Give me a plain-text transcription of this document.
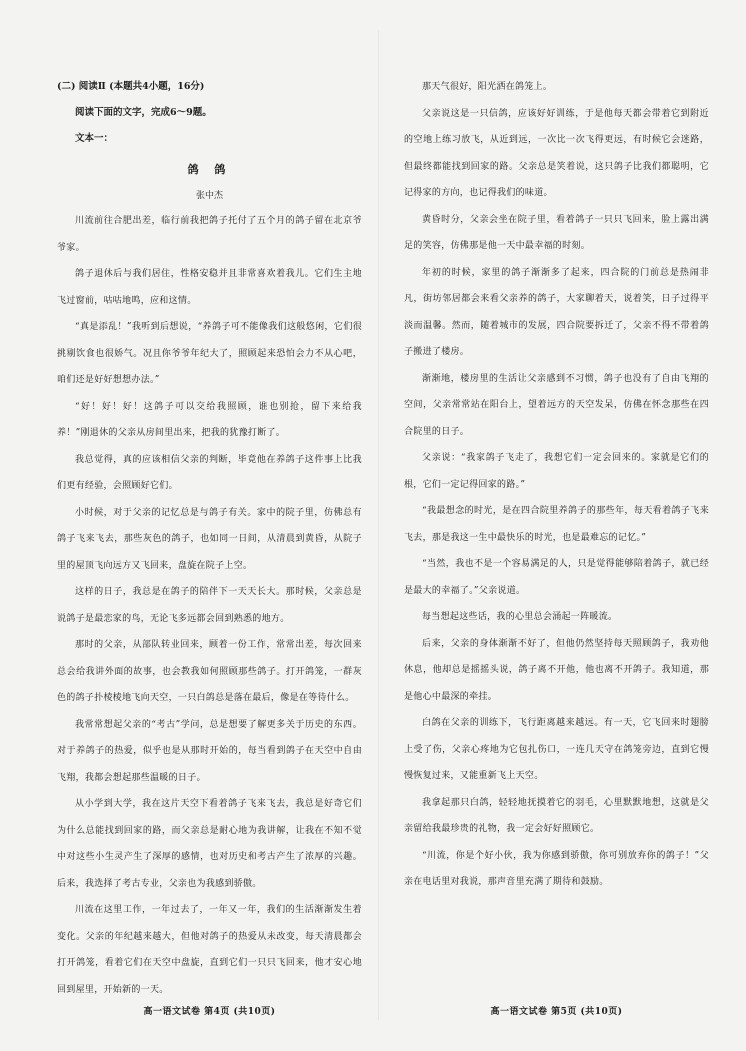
(二) 阅读Ⅱ (本题共4小题，16分)

阅读下面的文字，完成6～9题。

文本一：

鸽 鸽

张中杰

川流前往合肥出差，临行前我把鸽子托付了五个月的鸽子留在北京爷爷家。

鸽子退休后与我们居住，性格安稳并且非常喜欢着我儿。它们生主地飞过窗前，咕咕地鸣，应和这情。

“真是添乱！”我听到后想说，“养鸽子可不能像我们这般悠闲，它们很挑剔饮食也很娇气。况且你爷爷年纪大了，照顾起来恐怕会力不从心吧，咱们还是好好想想办法。”

“好！好！好！这鸽子可以交给我照顾，谁也别抢，留下来给我养！”刚退休的父亲从房间里出来，把我的犹豫打断了。

我总觉得，真的应该相信父亲的判断，毕竟他在养鸽子这件事上比我们更有经验，会照顾好它们。

小时候，对于父亲的记忆总是与鸽子有关。家中的院子里，仿佛总有鸽子飞来飞去，那些灰色的鸽子，也如同一日间，从清晨到黄昏，从院子里的屋顶飞向远方又飞回来，盘旋在院子上空。

这样的日子，我总是在鸽子的陪伴下一天天长大。那时候，父亲总是说鸽子是最恋家的鸟，无论飞多远都会回到熟悉的地方。

那时的父亲，从部队转业回来，顾着一份工作，常常出差，每次回来总会给我讲外面的故事，也会教我如何照顾那些鸽子。打开鸽笼，一群灰色的鸽子扑棱棱地飞向天空，一只白鸽总是落在最后，像是在等待什么。

我常常想起父亲的“考古”学问，总是想要了解更多关于历史的东西。对于养鸽子的热爱，似乎也是从那时开始的，每当看到鸽子在天空中自由飞翔，我都会想起那些温暖的日子。

从小学到大学，我在这片天空下看着鸽子飞来飞去，我总是好奇它们为什么总能找到回家的路，而父亲总是耐心地为我讲解，让我在不知不觉中对这些小生灵产生了深厚的感情，也对历史和考古产生了浓厚的兴趣。后来，我选择了考古专业，父亲也为我感到骄傲。

川流在这里工作，一年过去了，一年又一年，我们的生活渐渐发生着变化。父亲的年纪越来越大，但他对鸽子的热爱从未改变，每天清晨都会打开鸽笼，看着它们在天空中盘旋，直到它们一只只飞回来，他才安心地回到屋里，开始新的一天。

那天气很好，阳光洒在鸽笼上。

父亲说这是一只信鸽，应该好好训练，于是他每天都会带着它到附近的空地上练习放飞，从近到远，一次比一次飞得更远，有时候它会迷路，但最终都能找到回家的路。父亲总是笑着说，这只鸽子比我们都聪明，它记得家的方向，也记得我们的味道。

黄昏时分，父亲会坐在院子里，看着鸽子一只只飞回来，脸上露出满足的笑容，仿佛那是他一天中最幸福的时刻。

年初的时候，家里的鸽子渐渐多了起来，四合院的门前总是热闹非凡，街坊邻居都会来看父亲养的鸽子，大家聊着天，说着笑，日子过得平淡而温馨。然而，随着城市的发展，四合院要拆迁了，父亲不得不带着鸽子搬进了楼房。

渐渐地，楼房里的生活让父亲感到不习惯，鸽子也没有了自由飞翔的空间，父亲常常站在阳台上，望着远方的天空发呆，仿佛在怀念那些在四合院里的日子。

父亲说：“我家鸽子飞走了，我想它们一定会回来的。家就是它们的根，它们一定记得回家的路。”

“我最想念的时光，是在四合院里养鸽子的那些年，每天看着鸽子飞来飞去，那是我这一生中最快乐的时光，也是最难忘的记忆。”

“当然，我也不是一个容易满足的人，只是觉得能够陪着鸽子，就已经是最大的幸福了。”父亲说道。

每当想起这些话，我的心里总会涌起一阵暖流。

后来，父亲的身体渐渐不好了，但他仍然坚持每天照顾鸽子，我劝他休息，他却总是摇摇头说，鸽子离不开他，他也离不开鸽子。我知道，那是他心中最深的牵挂。

白鸽在父亲的训练下，飞行距离越来越远。有一天，它飞回来时翅膀上受了伤，父亲心疼地为它包扎伤口，一连几天守在鸽笼旁边，直到它慢慢恢复过来，又能重新飞上天空。

我拿起那只白鸽，轻轻地抚摸着它的羽毛，心里默默地想，这就是父亲留给我最珍贵的礼物，我一定会好好照顾它。

“川流，你是个好小伙，我为你感到骄傲，你可别放弃你的鸽子！”父亲在电话里对我说，那声音里充满了期待和鼓励。

高一语文试卷 第4页 (共10页)	高一语文试卷 第5页 (共10页)
